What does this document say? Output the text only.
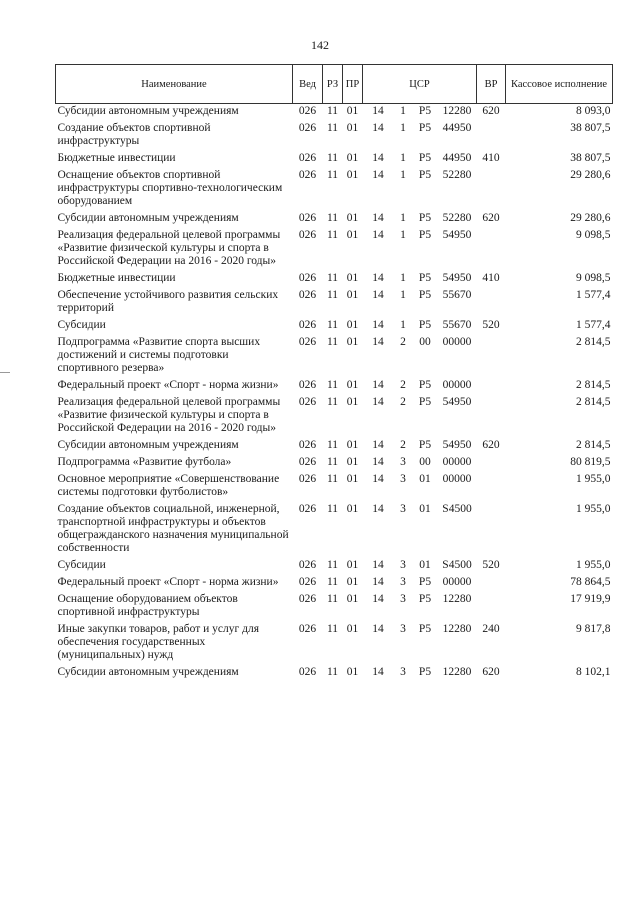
142
Наименование	Вед	РЗ	ПР	ЦСР				ВР	Кассовое исполнение
Субсидии автономным учреждениям	026	11	01	14	1	P5	12280	620	8 093,0
Создание объектов спортивной инфраструктуры	026	11	01	14	1	P5	44950		38 807,5
Бюджетные инвестиции	026	11	01	14	1	P5	44950	410	38 807,5
Оснащение объектов спортивной инфраструктуры спортивно-технологическим оборудованием	026	11	01	14	1	P5	52280		29 280,6
Субсидии автономным учреждениям	026	11	01	14	1	P5	52280	620	29 280,6
Реализация федеральной целевой программы «Развитие физической культуры и спорта в Российской Федерации на 2016 - 2020 годы»	026	11	01	14	1	P5	54950		9 098,5
Бюджетные инвестиции	026	11	01	14	1	P5	54950	410	9 098,5
Обеспечение устойчивого развития сельских территорий	026	11	01	14	1	P5	55670		1 577,4
Субсидии	026	11	01	14	1	P5	55670	520	1 577,4
Подпрограмма «Развитие спорта высших достижений и системы подготовки спортивного резерва»	026	11	01	14	2	00	00000		2 814,5
Федеральный проект «Спорт - норма жизни»	026	11	01	14	2	P5	00000		2 814,5
Реализация федеральной целевой программы «Развитие физической культуры и спорта в Российской Федерации на 2016 - 2020 годы»	026	11	01	14	2	P5	54950		2 814,5
Субсидии автономным учреждениям	026	11	01	14	2	P5	54950	620	2 814,5
Подпрограмма «Развитие футбола»	026	11	01	14	3	00	00000		80 819,5
Основное мероприятие «Совершенствование системы подготовки футболистов»	026	11	01	14	3	01	00000		1 955,0
Создание объектов социальной, инженерной, транспортной инфраструктуры и объектов общегражданского назначения муниципальной собственности	026	11	01	14	3	01	S4500		1 955,0
Субсидии	026	11	01	14	3	01	S4500	520	1 955,0
Федеральный проект «Спорт - норма жизни»	026	11	01	14	3	P5	00000		78 864,5
Оснащение оборудованием объектов спортивной инфраструктуры	026	11	01	14	3	P5	12280		17 919,9
Иные закупки товаров, работ и услуг для обеспечения государственных (муниципальных) нужд	026	11	01	14	3	P5	12280	240	9 817,8
Субсидии автономным учреждениям	026	11	01	14	3	P5	12280	620	8 102,1
